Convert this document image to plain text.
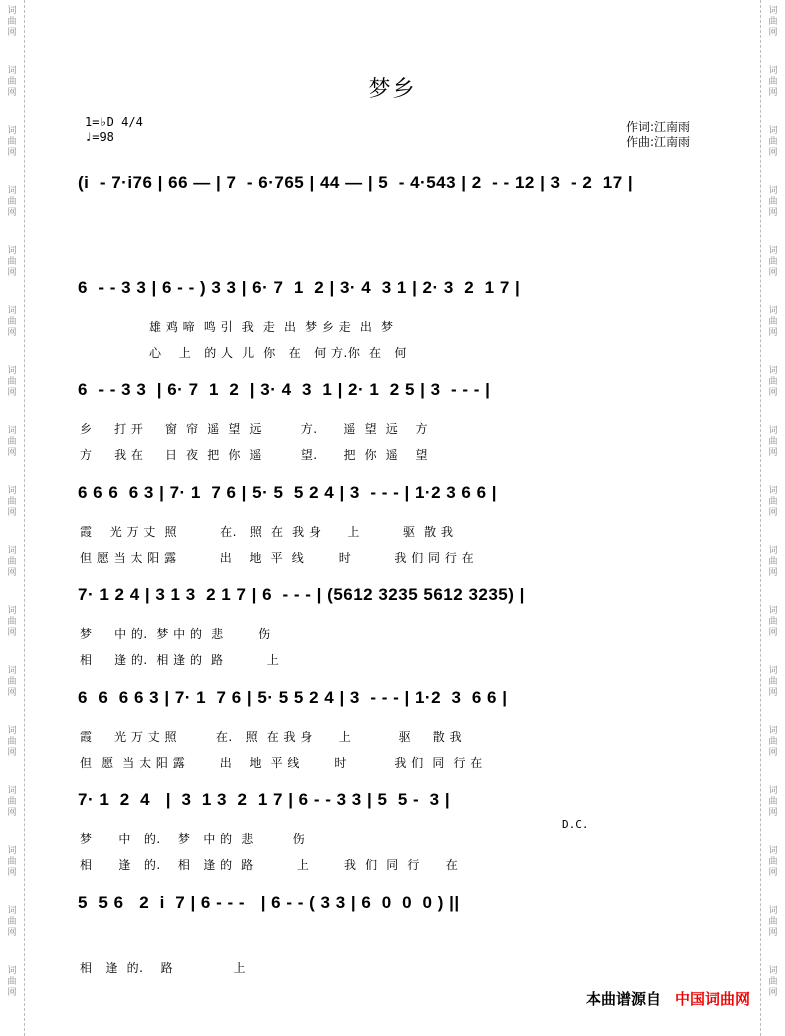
词
曲
网
词
曲
网
词
曲
网
词
曲
网
词
曲
网
词
曲
网
词
曲
网
词
曲
网
词
曲
网
词
曲
网
词
曲
网
词
曲
网
词
曲
网
词
曲
网
词
曲
网
词
曲
网
词
曲
网
词
曲
网
词
曲
网
词
曲
网
词
曲
网
词
曲
网
词
曲
网
词
曲
网
词
曲
网
词
曲
网
词
曲
网
词
曲
网
词
曲
网
词
曲
网
词
曲
网
词
曲
网
词
曲
网
词
曲
网
梦乡
1=♭D 4/4
♩=98
作词:江南雨
作曲:江南雨
(i  - 7·i76 | 66 — | 7  - 6·765 | 44 — | 5  - 4·543 | 2  - - 12 | 3  - 2  17 |
6  - - 3 3 | 6 - - ) 3 3 | 6· 7  1  2 | 3· 4  3 1 | 2· 3  2  1 7 |
雄 鸡 啼  鸣 引  我  走  出  梦 乡 走  出  梦
心    上   的 人  儿  你   在   何 方.你  在   何
6  - - 3 3  | 6· 7  1  2  | 3· 4  3  1 | 2· 1  2 5 | 3  - - - |
乡     打 开     窗  帘  遥  望  远         方.      遥  望  远    方
方     我 在     日  夜  把  你  遥         望.      把  你  遥    望
6 6 6  6 3 | 7· 1  7 6 | 5· 5  5 2 4 | 3  - - - | 1·2 3 6 6 |
霞    光 万 丈  照          在.   照  在  我 身      上          驱  散 我
但 愿 当 太 阳 露          出    地  平  线        时          我 们 同 行 在
7· 1 2 4 | 3 1 3  2 1 7 | 6  - - - | (5612 3235 5612 3235) |
梦     中 的.  梦 中 的  悲        伤
相     逢 的.  相 逢 的  路          上
6  6  6 6 3 | 7· 1  7 6 | 5· 5 5 2 4 | 3  - - - | 1·2  3  6 6 |
霞     光 万 丈 照         在.   照  在 我 身      上           驱     散 我
但  愿  当 太 阳 露        出    地  平 线        时           我 们  同  行 在
7· 1  2  4   |  3  1 3  2  1 7 | 6 - - 3 3 | 5  5 -  3 |
梦      中   的.    梦   中 的  悲         伤
相      逢   的.    相   逢 的  路          上        我  们  同  行      在
5  5 6   2  i  7 | 6 - - -   | 6 - - ( 3 3 | 6  0  0  0 ) ||
相   逢  的.    路              上
D.C.
本曲谱源自 中国词曲网
